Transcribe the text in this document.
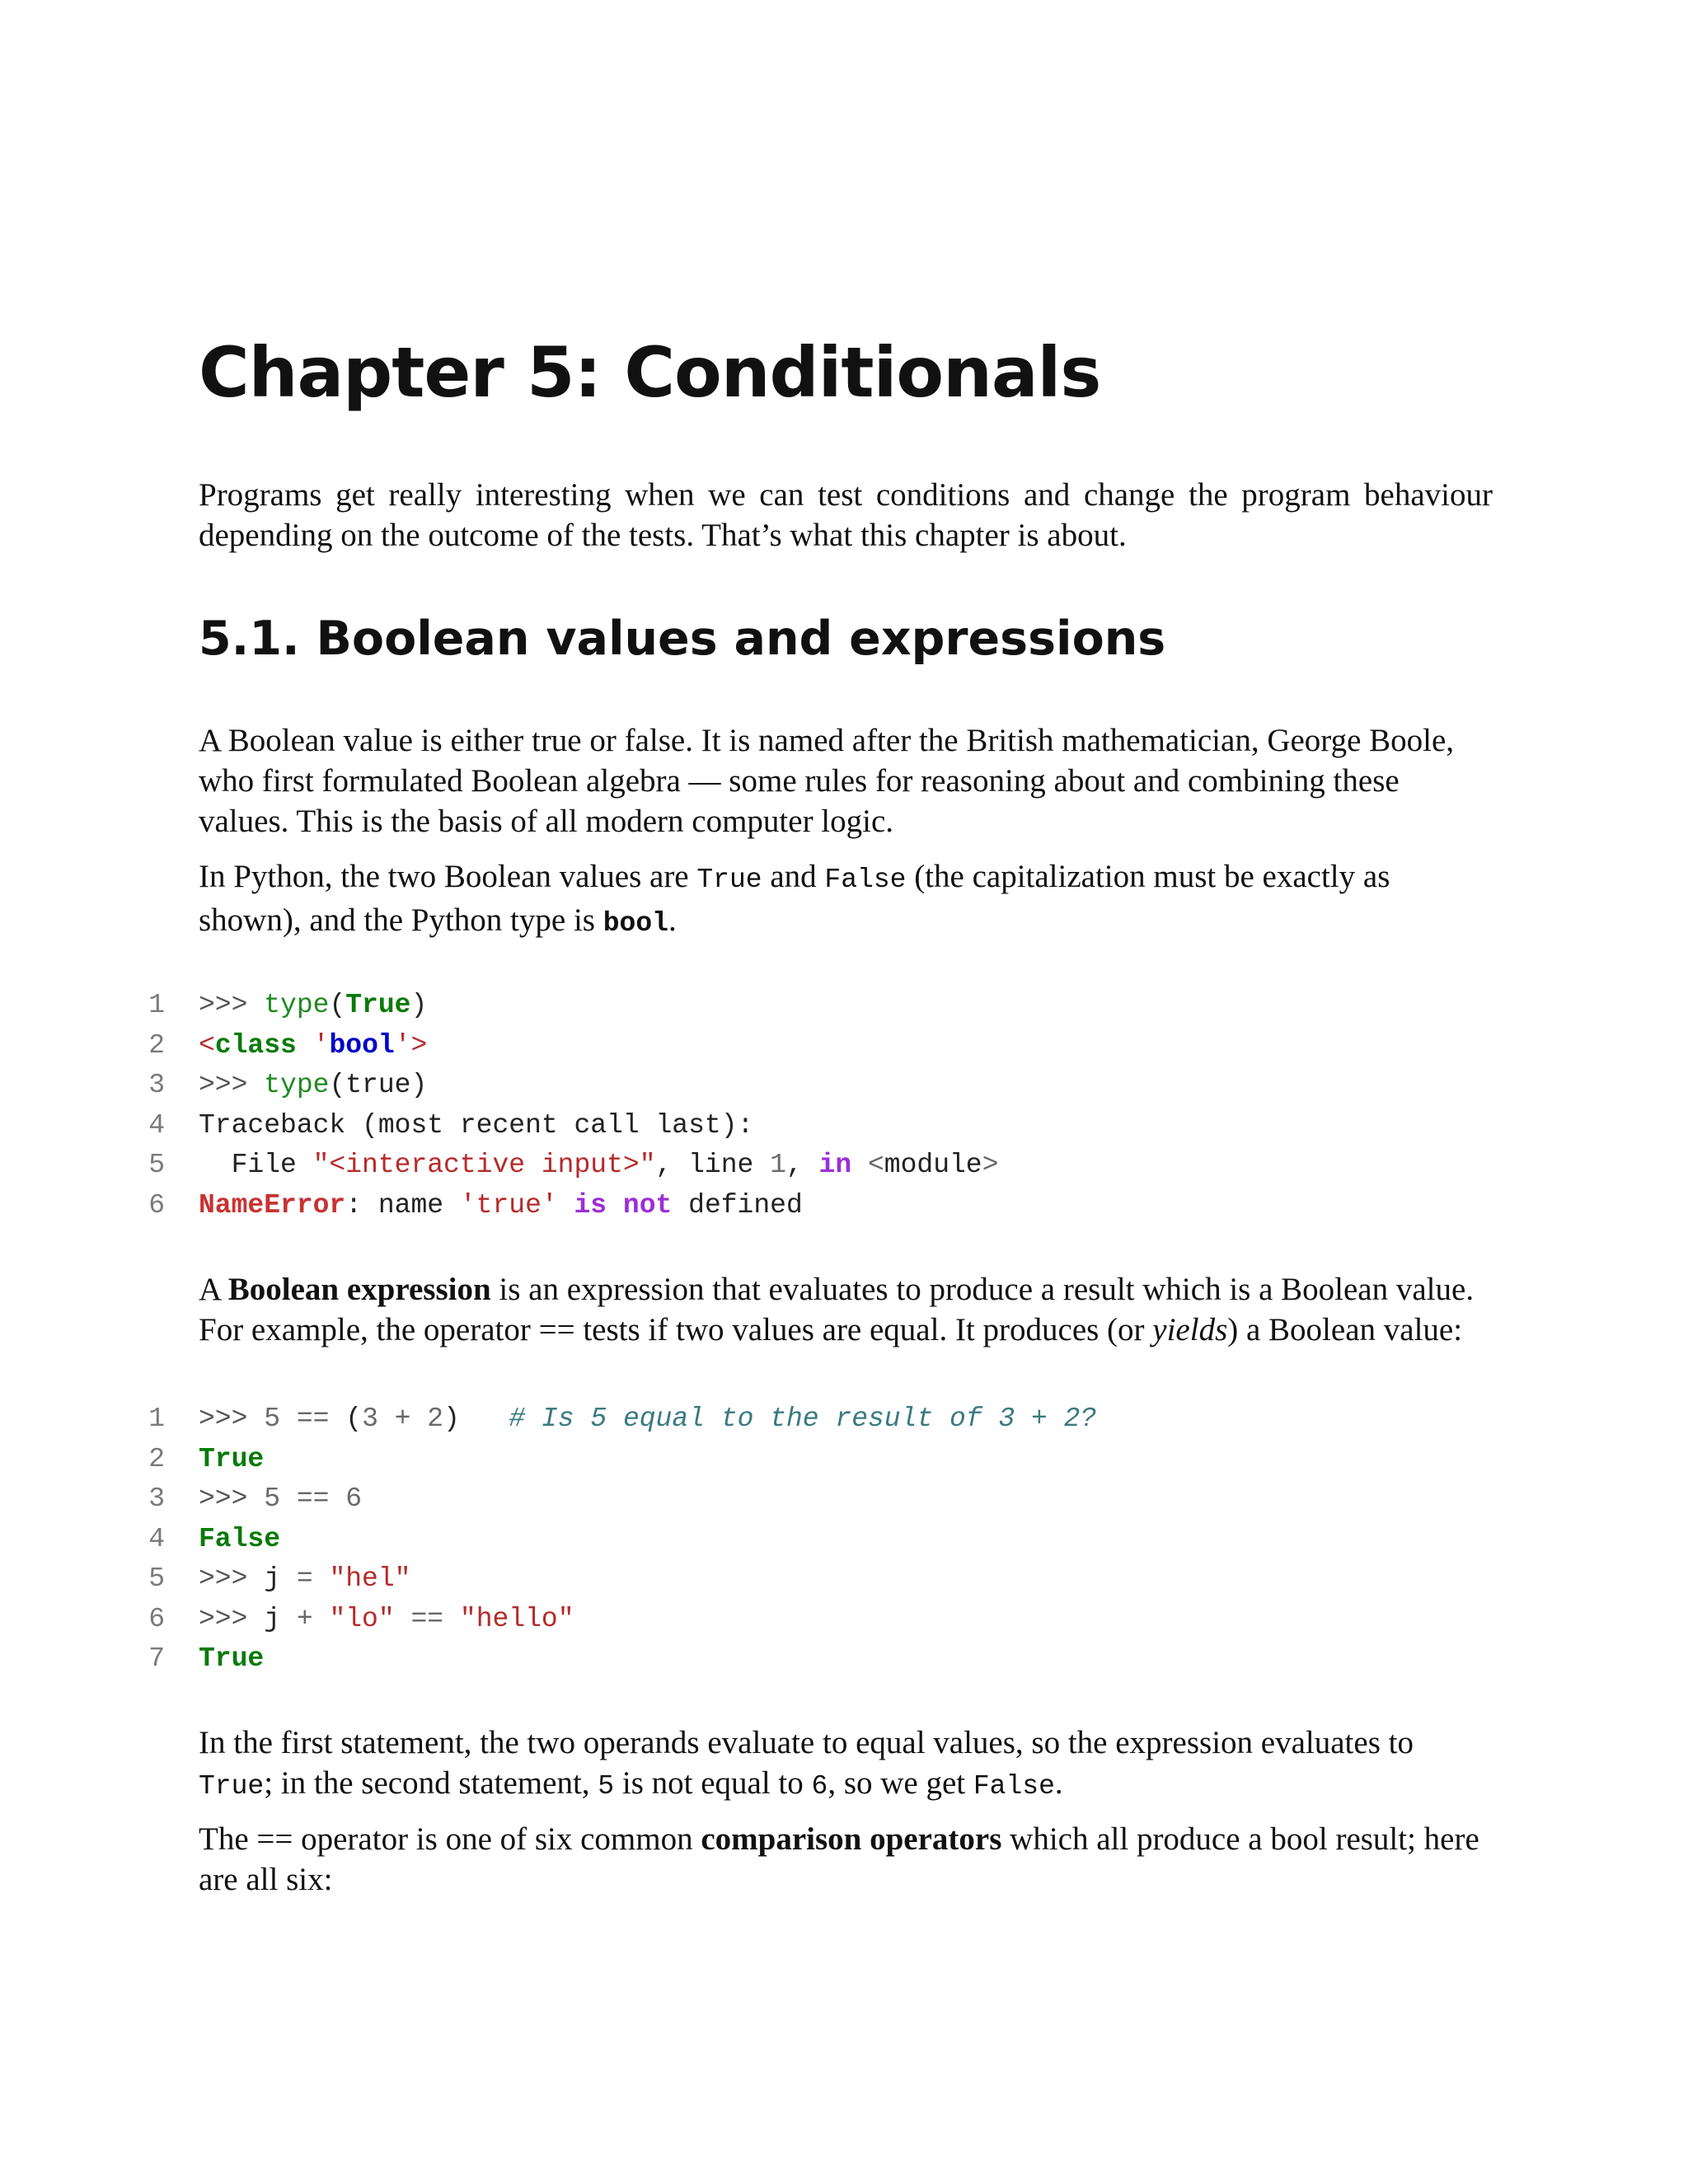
Chapter 5: Conditionals

Programs get really interesting when we can test conditions and change the program behaviour depending on the outcome of the tests. That’s what this chapter is about.

5.1. Boolean values and expressions

A Boolean value is either true or false. It is named after the British mathematician, George Boole, who first formulated Boolean algebra — some rules for reasoning about and combining these values. This is the basis of all modern computer logic.

In Python, the two Boolean values are True and False (the capitalization must be exactly as shown), and the Python type is bool.

1 >>> type(True)
2 <class 'bool'>
3 >>> type(true)
4 Traceback (most recent call last):
5 File "<interactive input>", line 1, in <module>
6 NameError: name 'true' is not defined

A Boolean expression is an expression that evaluates to produce a result which is a Boolean value. For example, the operator == tests if two values are equal. It produces (or yields) a Boolean value:

1 >>> 5 == (3 + 2)   # Is 5 equal to the result of 3 + 2?
2 True
3 >>> 5 == 6
4 False
5 >>> j = "hel"
6 >>> j + "lo" == "hello"
7 True

In the first statement, the two operands evaluate to equal values, so the expression evaluates to True; in the second statement, 5 is not equal to 6, so we get False.

The == operator is one of six common comparison operators which all produce a bool result; here are all six:
